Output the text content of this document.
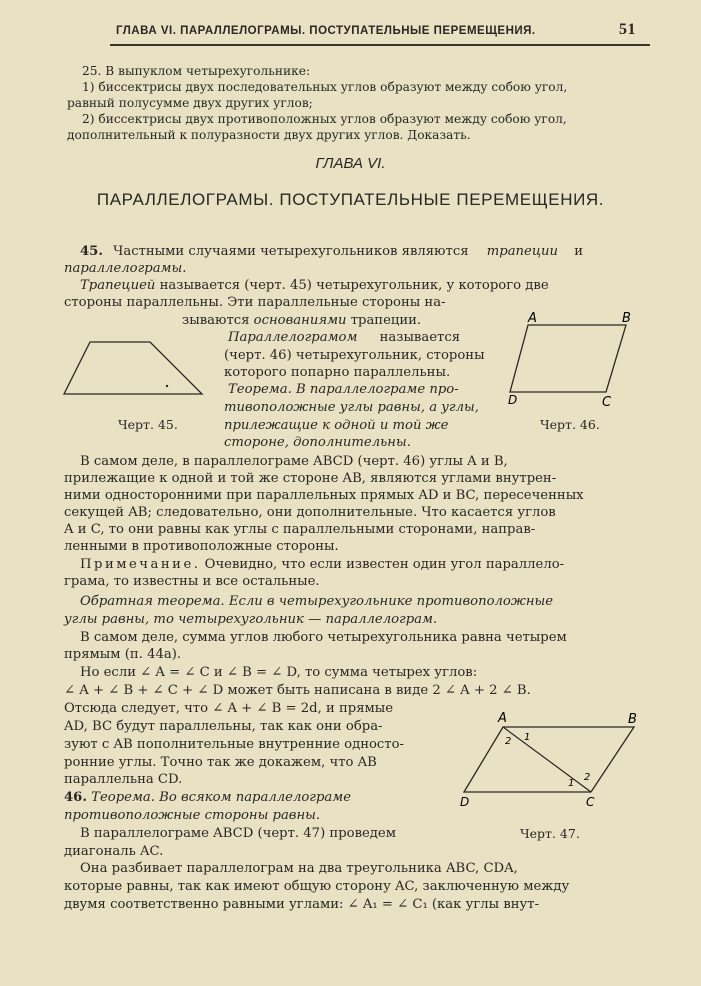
ГЛАВА VI. ПАРАЛЛЕЛОГРАМЫ. ПОСТУПАТЕЛЬНЫЕ ПЕРЕМЕЩЕНИЯ.	51
25. В выпуклом четырехугольнике:
1) биссектрисы двух последовательных углов образуют между собою угол,
равный полусумме двух других углов;
2) биссектрисы двух противоположных углов образуют между собою угол,
дополнительный к полуразности двух других углов. Доказать.
ГЛАВА VI.
ПАРАЛЛЕЛОГРАМЫ. ПОСТУПАТЕЛЬНЫЕ ПЕРЕМЕЩЕНИЯ.
45. Частными случаями четырехугольников являются трапеции и
параллелограмы.
Трапецией называется (черт. 45) четырехугольник, у которого две
стороны параллельны. Эти параллельные стороны на-
зываются основаниями трапеции.
Параллелограмом называется
(черт. 46) четырехугольник, стороны
которого попарно параллельны.
Теорема. В параллелограме про-
тивоположные углы равны, а углы,
прилежащие к одной и той же
стороне, дополнительны.
В самом деле, в параллелограме ABCD (черт. 46) углы A и B,
прилежащие к одной и той же стороне AB, являются углами внутрен-
ними односторонними при параллельных прямых AD и BC, пересеченных
секущей AB; следовательно, они дополнительные. Что касается углов
A и C, то они равны как углы с параллельными сторонами, направ-
ленными в противоположные стороны.
Примечание. Очевидно, что если известен один угол параллело-
грама, то известны и все остальные.
Обратная теорема. Если в четырехугольнике противоположные
углы равны, то четырехугольник — параллелограм.
В самом деле, сумма углов любого четырехугольника равна четырем
прямым (п. 44а).
Но если ∠ A = ∠ C и ∠ B = ∠ D, то сумма четырех углов:
∠ A + ∠ B + ∠ C + ∠ D может быть написана в виде 2 ∠ A + 2 ∠ B.
Отсюда следует, что ∠ A + ∠ B = 2d, и прямые
AD, BC будут параллельны, так как они обра-
зуют с AB пополнительные внутренние односто-
ронние углы. Точно так же докажем, что AB
параллельна CD.
46. Теорема. Во всяком параллелограме
противоположные стороны равны.
В параллелограме ABCD (черт. 47) проведем
диагональ AC.
Она разбивает параллелограм на два треугольника ABC, CDA,
которые равны, так как имеют общую сторону AC, заключенную между
двумя соответственно равными углами: ∠ A₁ = ∠ C₁ (как углы внут-
Черт. 45.
A	B
C
D
Черт. 46.
A	B
C
D
1
2
1
2
Черт. 47.
